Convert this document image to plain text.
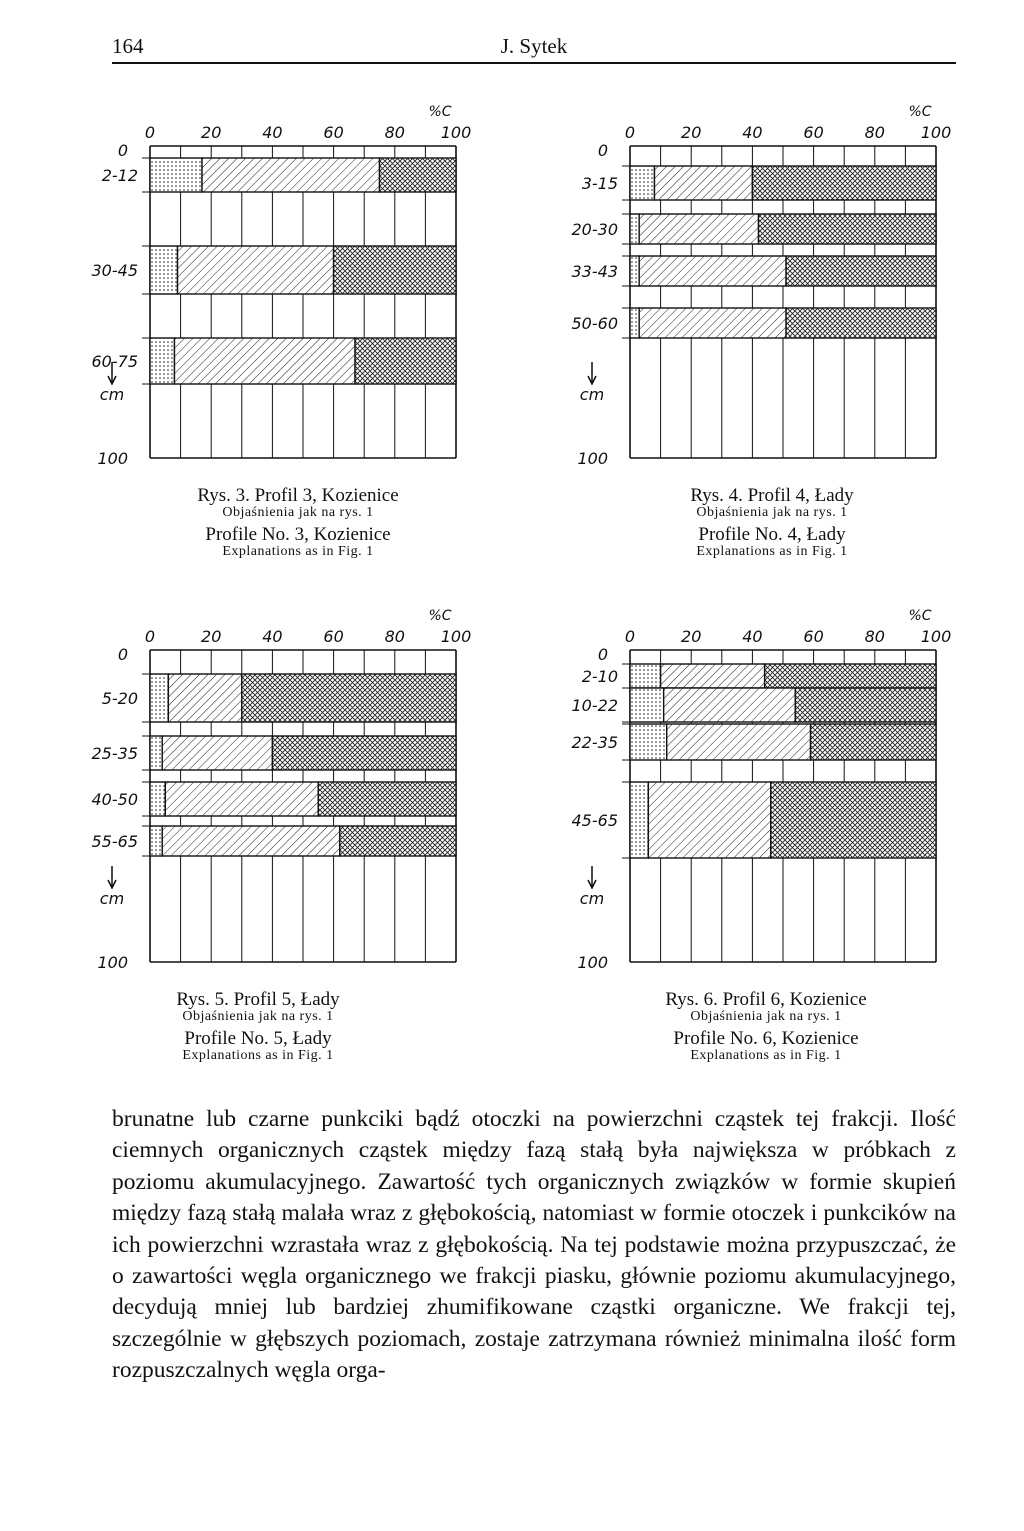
164	J. Sytek
0	20	40	60	80 100
%C
0
100
cm
2-12
30-45
60-75
0	20	40	60	80 100
%C
0
100
cm
3-15
20-30
33-43
50-60
0	20	40	60	80 100
%C
0
100
cm
5-20
25-35
40-50
55-65
0	20	40	60	80 100
%C
0
100
cm
2-10
10-22
22-35
45-65
Rys. 3. Profil 3, Kozienice
Objaśnienia jak na rys. 1
Profile No. 3, Kozienice
Explanations as in Fig. 1
Rys. 4. Profil 4, Łady
Objaśnienia jak na rys. 1
Profile No. 4, Łady
Explanations as in Fig. 1
Rys. 5. Profil 5, Łady
Objaśnienia jak na rys. 1
Profile No. 5, Łady
Explanations as in Fig. 1
Rys. 6. Profil 6, Kozienice
Objaśnienia jak na rys. 1
Profile No. 6, Kozienice
Explanations as in Fig. 1

brunatne lub czarne punkciki bądź otoczki na powierzchni cząstek tej frakcji. Ilość ciemnych organicznych cząstek między fazą stałą była największa w próbkach z poziomu akumulacyjnego. Zawartość tych organicznych związków w formie skupień między fazą stałą malała wraz z głębokością, natomiast w formie otoczek i punkcików na ich powierzchni wzrastała wraz z głębokością. Na tej podstawie można przypuszczać, że o zawartości węgla organicznego we frakcji piasku, głównie poziomu akumulacyjnego, decydują mniej lub bardziej zhumifikowane cząstki organiczne. We frakcji tej, szczególnie w głębszych poziomach, zostaje zatrzymana również minimalna ilość form rozpuszczalnych węgla orga-
